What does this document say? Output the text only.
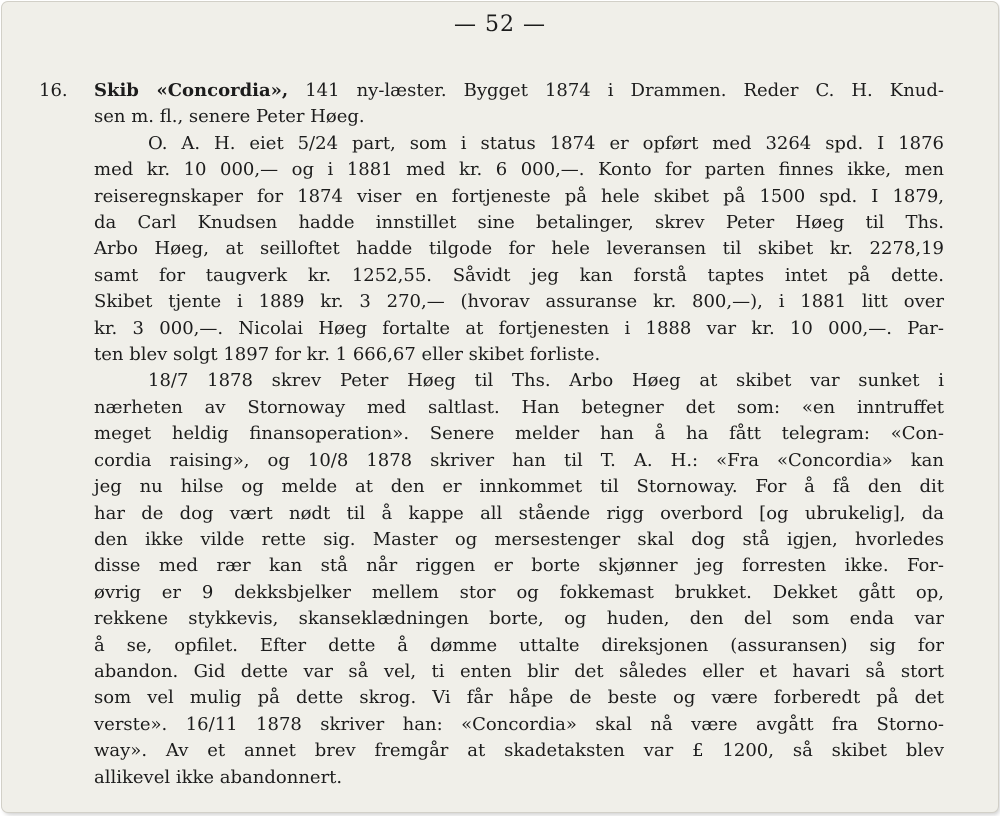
— 52 —
16. Skib «Concordia», 141 ny-læster. Bygget 1874 i Drammen. Reder C. H. Knud-
sen m. fl., senere Peter Høeg.
O. A. H. eiet 5/24 part, som i status 1874 er opført med 3264 spd. I 1876
med kr. 10 000,— og i 1881 med kr. 6 000,—. Konto for parten finnes ikke, men
reiseregnskaper for 1874 viser en fortjeneste på hele skibet på 1500 spd. I 1879,
da Carl Knudsen hadde innstillet sine betalinger, skrev Peter Høeg til Ths.
Arbo Høeg, at seilloftet hadde tilgode for hele leveransen til skibet kr. 2278,19
samt for taugverk kr. 1252,55. Såvidt jeg kan forstå taptes intet på dette.
Skibet tjente i 1889 kr. 3 270,— (hvorav assuranse kr. 800,—), i 1881 litt over
kr. 3 000,—. Nicolai Høeg fortalte at fortjenesten i 1888 var kr. 10 000,—. Par-
ten blev solgt 1897 for kr. 1 666,67 eller skibet forliste.
18/7 1878 skrev Peter Høeg til Ths. Arbo Høeg at skibet var sunket i
nærheten av Stornoway med saltlast. Han betegner det som: «en inntruffet
meget heldig finansoperation». Senere melder han å ha fått telegram: «Con-
cordia raising», og 10/8 1878 skriver han til T. A. H.: «Fra «Concordia» kan
jeg nu hilse og melde at den er innkommet til Stornoway. For å få den dit
har de dog vært nødt til å kappe all stående rigg overbord [og ubrukelig], da
den ikke vilde rette sig. Master og mersestenger skal dog stå igjen, hvorledes
disse med rær kan stå når riggen er borte skjønner jeg forresten ikke. For-
øvrig er 9 dekksbjelker mellem stor og fokkemast brukket. Dekket gått op,
rekkene stykkevis, skanseklædningen borte, og huden, den del som enda var
å se, opfilet. Efter dette å dømme uttalte direksjonen (assuransen) sig for
abandon. Gid dette var så vel, ti enten blir det således eller et havari så stort
som vel mulig på dette skrog. Vi får håpe de beste og være forberedt på det
verste». 16/11 1878 skriver han: «Concordia» skal nå være avgått fra Storno-
way». Av et annet brev fremgår at skadetaksten var £ 1200, så skibet blev
allikevel ikke abandonnert.
